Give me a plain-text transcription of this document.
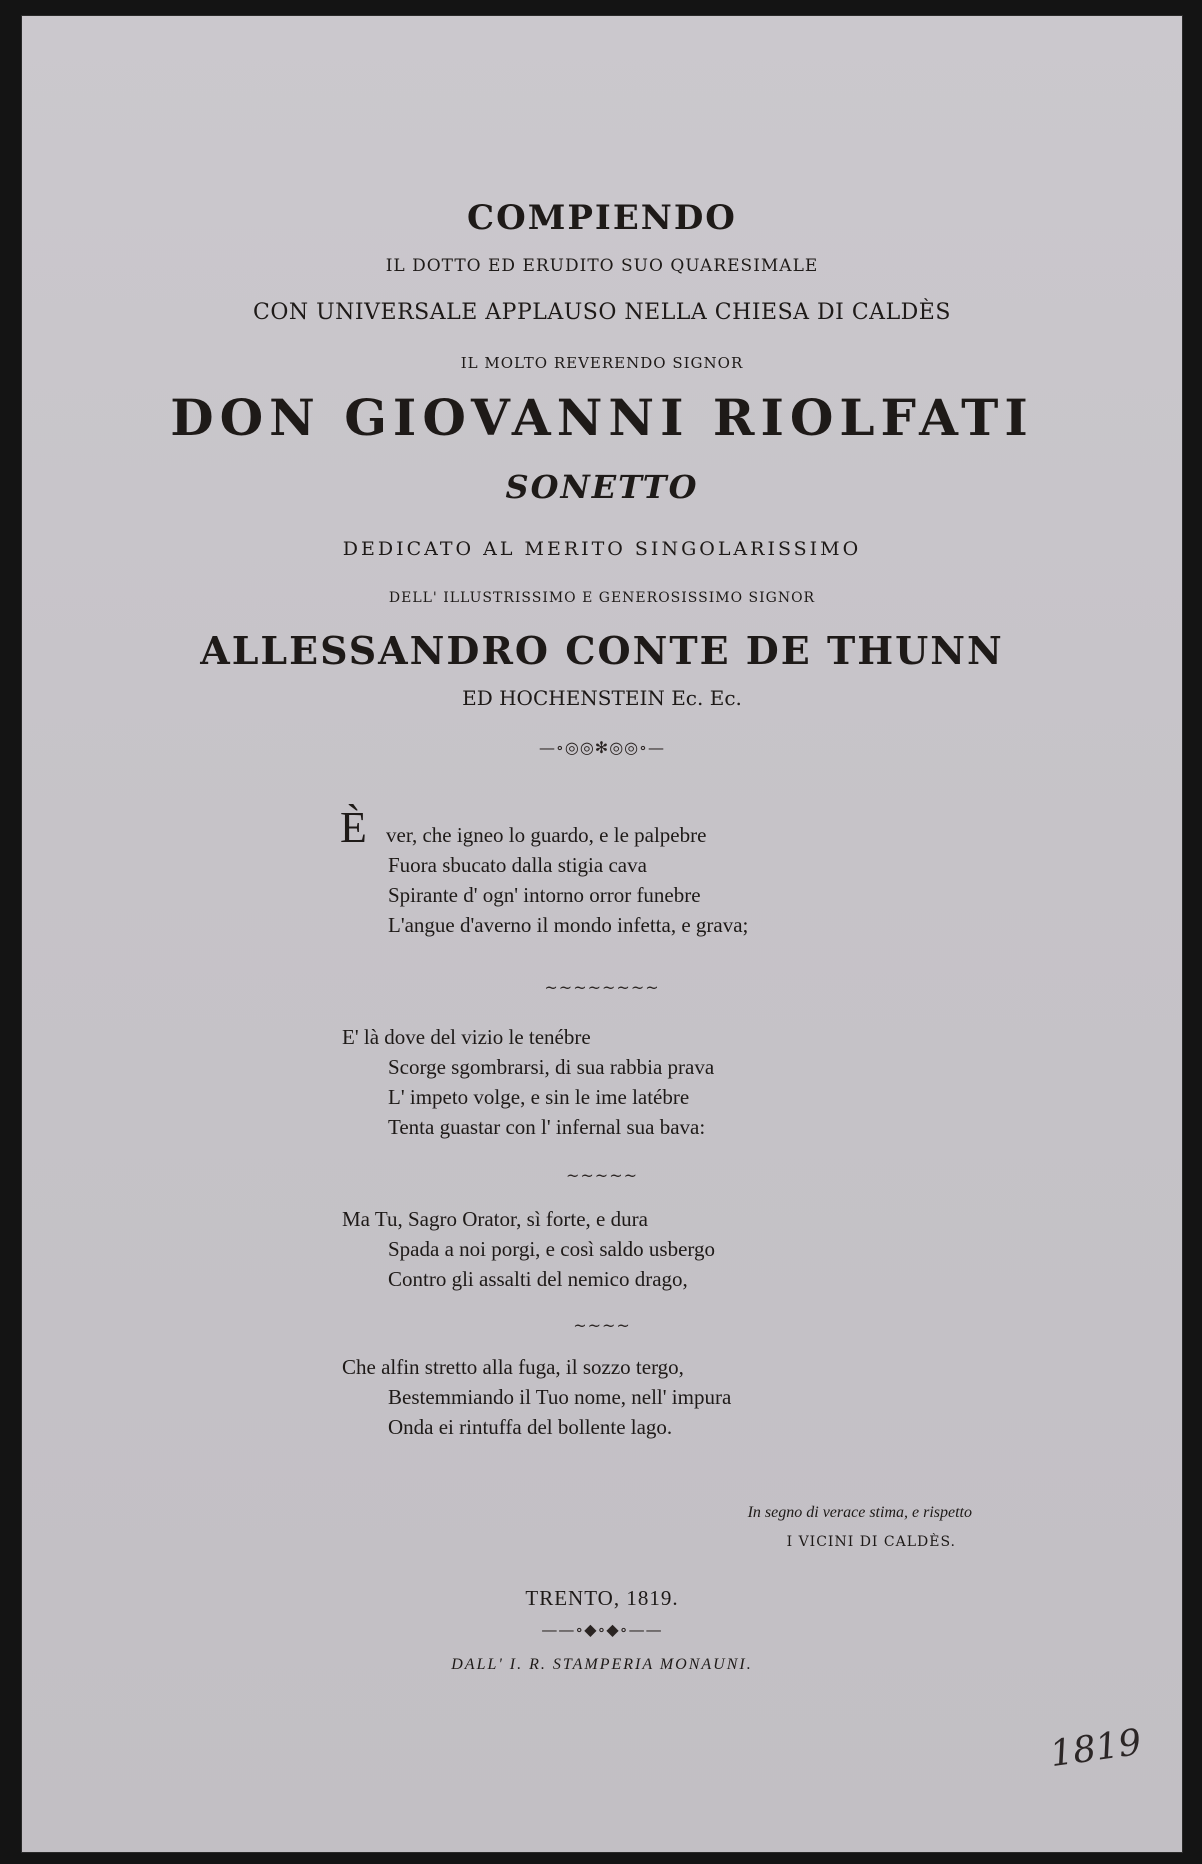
COMPIENDO
IL DOTTO ED ERUDITO SUO QUARESIMALE
CON UNIVERSALE APPLAUSO NELLA CHIESA DI CALDÈS
IL MOLTO REVERENDO SIGNOR
DON GIOVANNI RIOLFATI
SONETTO
DEDICATO AL MERITO SINGOLARISSIMO
DELL' ILLUSTRISSIMO E GENEROSISSIMO SIGNOR
ALLESSANDRO CONTE DE THUNN
ED HOCHENSTEIN Ec. Ec.
—∘◎◎✻◎◎∘—
È ver, che igneo lo guardo, e le palpebre
Fuora sbucato dalla stigia cava
Spirante d' ogn' intorno orror funebre
L'angue d'averno il mondo infetta, e grava;
~~~~~~~~
E' là dove del vizio le tenébre
Scorge sgombrarsi, di sua rabbia prava
L' impeto volge, e sin le ime latébre
Tenta guastar con l' infernal sua bava:
~~~~~
Ma Tu, Sagro Orator, sì forte, e dura
Spada a noi porgi, e così saldo usbergo
Contro gli assalti del nemico drago,
~~~~
Che alfin stretto alla fuga, il sozzo tergo,
Bestemmiando il Tuo nome, nell' impura
Onda ei rintuffa del bollente lago.
In segno di verace stima, e rispetto
I VICINI DI CALDÈS.
TRENTO, 1819.
——∘◆∘◆∘——
DALL' I. R. STAMPERIA MONAUNI.
1819
